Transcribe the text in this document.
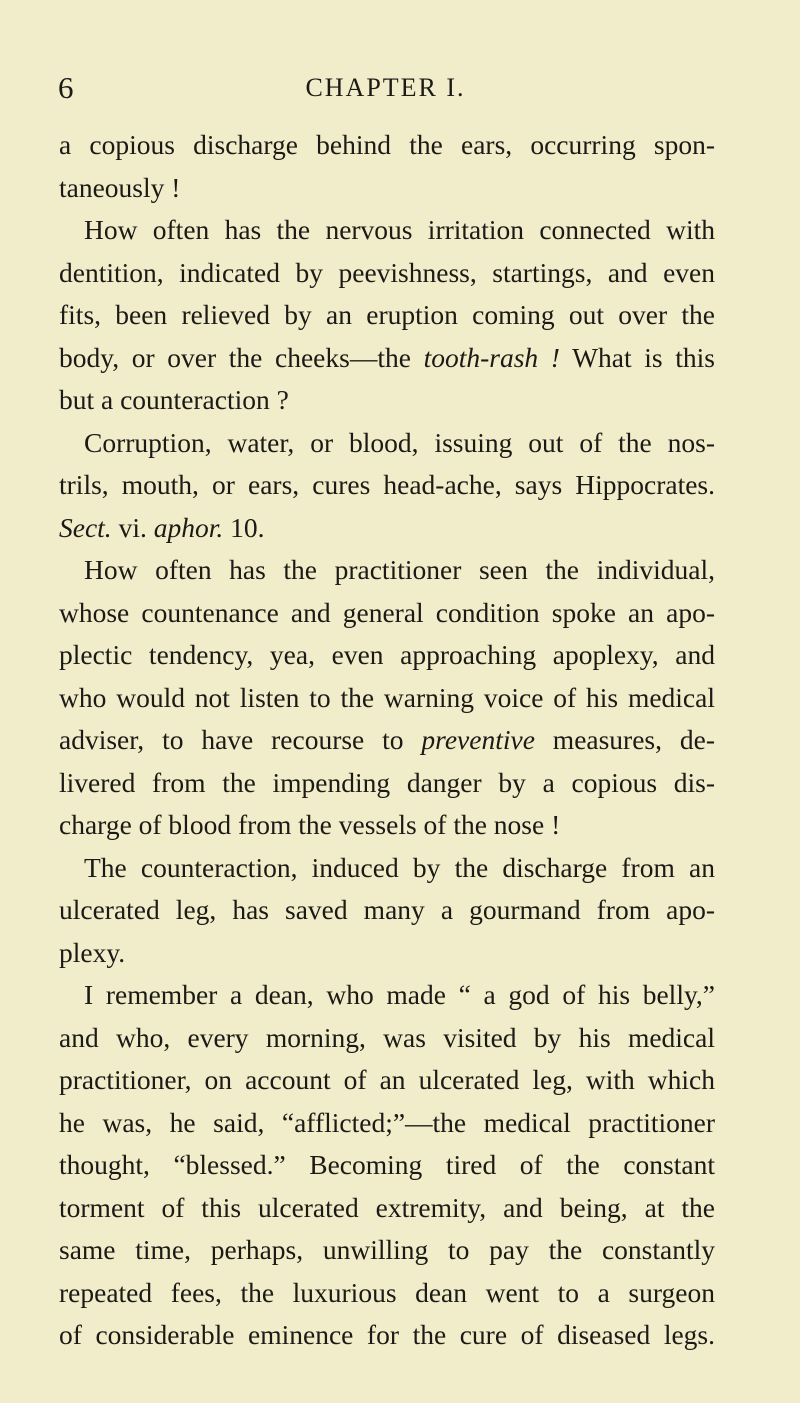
6	CHAPTER I.
a copious discharge behind the ears, occurring spon-
taneously !
How often has the nervous irritation connected with
dentition, indicated by peevishness, startings, and even
fits, been relieved by an eruption coming out over the
body, or over the cheeks—the tooth-rash ! What is this
but a counteraction ?
Corruption, water, or blood, issuing out of the nos-
trils, mouth, or ears, cures head-ache, says Hippocrates.
Sect. vi. aphor. 10.
How often has the practitioner seen the individual,
whose countenance and general condition spoke an apo-
plectic tendency, yea, even approaching apoplexy, and
who would not listen to the warning voice of his medical
adviser, to have recourse to preventive measures, de-
livered from the impending danger by a copious dis-
charge of blood from the vessels of the nose !
The counteraction, induced by the discharge from an
ulcerated leg, has saved many a gourmand from apo-
plexy.
I remember a dean, who made “ a god of his belly,”
and who, every morning, was visited by his medical
practitioner, on account of an ulcerated leg, with which
he was, he said, “afflicted;”—the medical practitioner
thought, “blessed.” Becoming tired of the constant
torment of this ulcerated extremity, and being, at the
same time, perhaps, unwilling to pay the constantly
repeated fees, the luxurious dean went to a surgeon
of considerable eminence for the cure of diseased legs.
